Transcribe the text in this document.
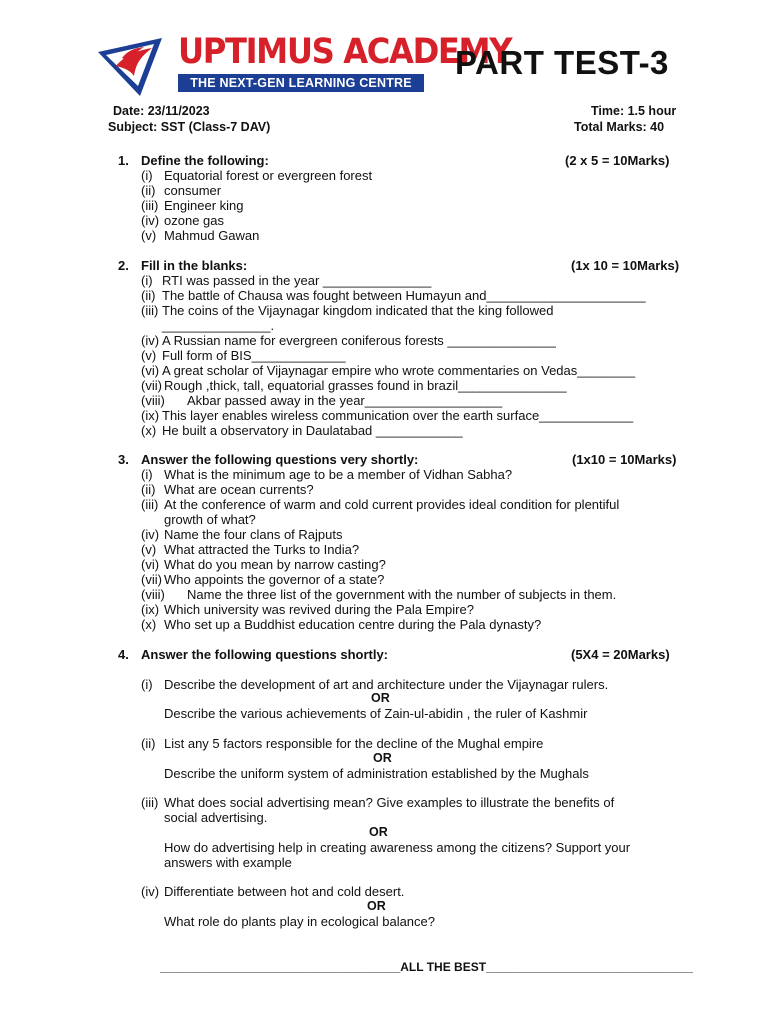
UPTIMUS ACADEMY
THE NEXT-GEN LEARNING CENTRE
PART TEST-3
Date: 23/11/2023
Subject: SST (Class-7 DAV)
Time: 1.5 hour
Total Marks: 40
1. Define the following:	(2 x 5 = 10Marks)
(i) Equatorial forest or evergreen forest
(ii) consumer
(iii) Engineer king
(iv) ozone gas
(v) Mahmud Gawan
2. Fill in the blanks:	(1x 10 = 10Marks)
(i) RTI was passed in the year _______________
(ii) The battle of Chausa was fought between Humayun and______________________
(iii) The coins of the Vijaynagar kingdom indicated that the king followed
_______________.
(iv) A Russian name for evergreen coniferous forests _______________
(v) Full form of BIS_____________
(vi) A great scholar of Vijaynagar empire who wrote commentaries on Vedas________
(vii) Rough ,thick, tall, equatorial grasses found in brazil_______________
(viii) Akbar passed away in the year___________________
(ix) This layer enables wireless communication over the earth surface_____________
(x) He built a observatory in Daulatabad ____________
3. Answer the following questions very shortly:	(1x10 = 10Marks)
(i) What is the minimum age to be a member of Vidhan Sabha?
(ii) What are ocean currents?
(iii) At the conference of warm and cold current provides ideal condition for plentiful
growth of what?
(iv) Name the four clans of Rajputs
(v) What attracted the Turks to India?
(vi) What do you mean by narrow casting?
(vii) Who appoints the governor of a state?
(viii) Name the three list of the government with the number of subjects in them.
(ix) Which university was revived during the Pala Empire?
(x) Who set up a Buddhist education centre during the Pala dynasty?
4. Answer the following questions shortly:	(5X4 = 20Marks)
(i) Describe the development of art and architecture under the Vijaynagar rulers.
OR
Describe the various achievements of Zain-ul-abidin , the ruler of Kashmir
(ii) List any 5 factors responsible for the decline of the Mughal empire
OR
Describe the uniform system of administration established by the Mughals
(iii) What does social advertising mean? Give examples to illustrate the benefits of
social advertising.
OR
How do advertising help in creating awareness among the citizens? Support your
answers with example
(iv) Differentiate between hot and cold desert.
OR
What role do plants play in ecological balance?
____________________________________ALL THE BEST_______________________________
